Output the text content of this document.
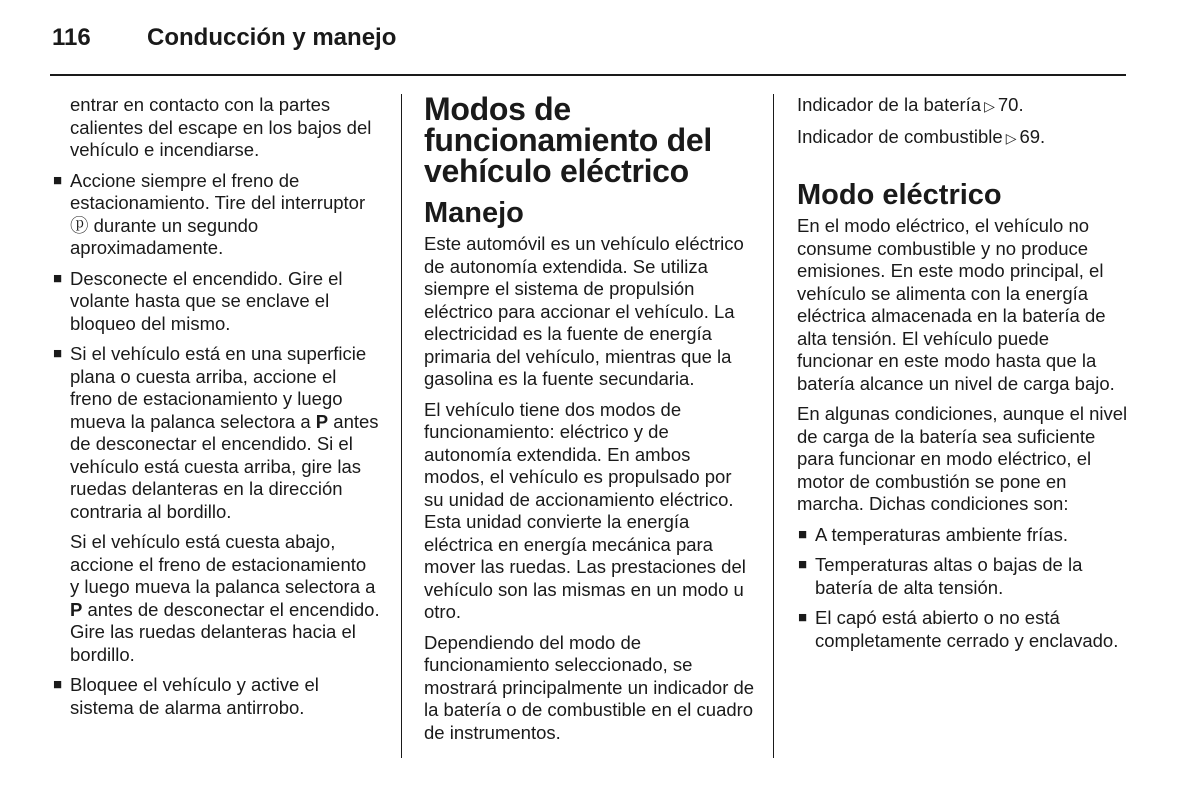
116	Conducción y manejo

entrar en contacto con la partes calientes del escape en los bajos del vehículo e incendiarse.

■ Accione siempre el freno de estacionamiento. Tire del interruptor ⓟ durante un segundo aproximadamente.

■ Desconecte el encendido. Gire el volante hasta que se enclave el bloqueo del mismo.

■ Si el vehículo está en una superficie plana o cuesta arriba, accione el freno de estacionamiento y luego mueva la palanca selectora a P antes de desconectar el encendido. Si el vehículo está cuesta arriba, gire las ruedas delanteras en la dirección contraria al bordillo.

Si el vehículo está cuesta abajo, accione el freno de estacionamiento y luego mueva la palanca selectora a P antes de desconectar el encendido. Gire las ruedas delanteras hacia el bordillo.

■ Bloquee el vehículo y active el sistema de alarma antirrobo.

Modos de funcionamiento del vehículo eléctrico
Manejo

Este automóvil es un vehículo eléctrico de autonomía extendida. Se utiliza siempre el sistema de propulsión eléctrico para accionar el vehículo. La electricidad es la fuente de energía primaria del vehículo, mientras que la gasolina es la fuente secundaria.

El vehículo tiene dos modos de funcionamiento: eléctrico y de autonomía extendida. En ambos modos, el vehículo es propulsado por su unidad de accionamiento eléctrico. Esta unidad convierte la energía eléctrica en energía mecánica para mover las ruedas. Las prestaciones del vehículo son las mismas en un modo u otro.

Dependiendo del modo de funcionamiento seleccionado, se mostrará principalmente un indicador de la batería o de combustible en el cuadro de instrumentos.

Indicador de la batería ▷ 70.

Indicador de combustible ▷ 69.

Modo eléctrico

En el modo eléctrico, el vehículo no consume combustible y no produce emisiones. En este modo principal, el vehículo se alimenta con la energía eléctrica almacenada en la batería de alta tensión. El vehículo puede funcionar en este modo hasta que la batería alcance un nivel de carga bajo.

En algunas condiciones, aunque el nivel de carga de la batería sea suficiente para funcionar en modo eléctrico, el motor de combustión se pone en marcha. Dichas condiciones son:

■ A temperaturas ambiente frías.

■ Temperaturas altas o bajas de la batería de alta tensión.

■ El capó está abierto o no está completamente cerrado y enclavado.
